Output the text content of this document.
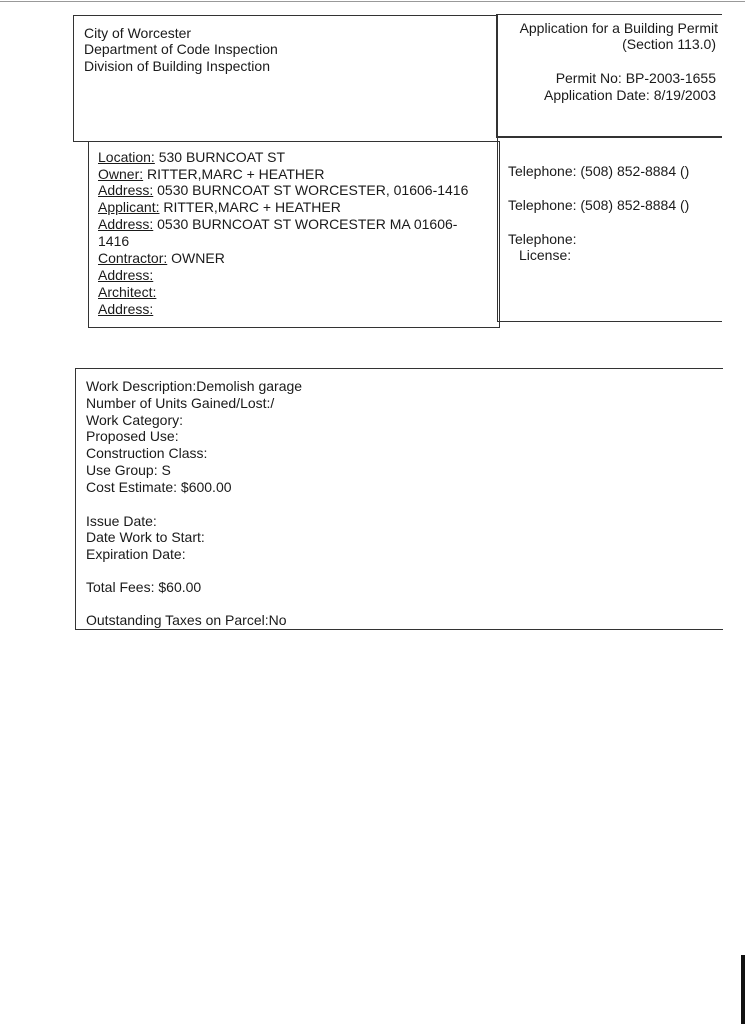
City of Worcester
Department of Code Inspection
Division of Building Inspection
Application for a Building Permit
(Section 113.0)
Permit No: BP-2003-1655
Application Date: 8/19/2003
Location: 530 BURNCOAT ST
Owner: RITTER,MARC + HEATHER
Address: 0530 BURNCOAT ST WORCESTER, 01606-1416
Applicant: RITTER,MARC + HEATHER
Address: 0530 BURNCOAT ST WORCESTER MA 01606-
1416
Contractor: OWNER
Address:
Architect:
Address:
Telephone: (508) 852-8884 ()
Telephone: (508) 852-8884 ()
Telephone:
License:
Work Description:Demolish garage
Number of Units Gained/Lost:/
Work Category:
Proposed Use:
Construction Class:
Use Group: S
Cost Estimate: $600.00
Issue Date:
Date Work to Start:
Expiration Date:
Total Fees: $60.00
Outstanding Taxes on Parcel:No
